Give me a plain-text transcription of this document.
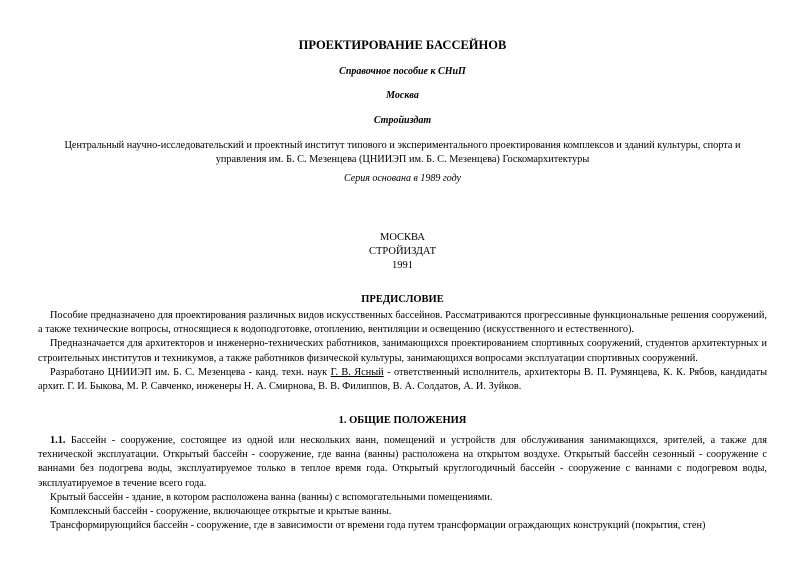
ПРОЕКТИРОВАНИЕ БАССЕЙНОВ
Справочное пособие к СНиП
Москва
Стройиздат
Центральный научно-исследовательский и проектный институт типового и экспериментального проектирования комплексов и зданий культуры, спорта и управления им. Б. С. Мезенцева (ЦНИИЭП им. Б. С. Мезенцева) Госкомархитектуры
Серия основана в 1989 году
МОСКВА
СТРОЙИЗДАТ
1991
ПРЕДИСЛОВИЕ

Пособие предназначено для проектирования различных видов искусственных бассейнов. Рассматриваются прогрессивные функциональные решения сооружений, а также технические вопросы, относящиеся к водоподготовке, отоплению, вентиляции и освещению (искусственного и естественного).

Предназначается для архитекторов и инженерно-технических работников, занимающихся проектированием спортивных сооружений, студентов архитектурных и строительных институтов и техникумов, а также работников физической культуры, занимающихся вопросами эксплуатации спортивных сооружений.

Разработано ЦНИИЭП им. Б. С. Мезенцева - канд. техн. наук Г. В. Ясный - ответственный исполнитель, архитекторы В. П. Румянцева, К. К. Рябов, кандидаты архит. Г. И. Быкова, М. Р. Савченко, инженеры Н. А. Смирнова, В. В. Филиппов, В. А. Солдатов, А. И. Зуйков.

1. ОБЩИЕ ПОЛОЖЕНИЯ

1.1. Бассейн - сооружение, состоящее из одной или нескольких ванн, помещений и устройств для обслуживания занимающихся, зрителей, а также для технической эксплуатации. Открытый бассейн - сооружение, где ванна (ванны) расположена на открытом воздухе. Открытый бассейн сезонный - сооружение с ваннами без подогрева воды, эксплуатируемое только в теплое время года. Открытый круглогодичный бассейн - сооружение с ваннами с подогревом воды, эксплуатируемое в течение всего года.

Крытый бассейн - здание, в котором расположена ванна (ванны) с вспомогательными помещениями.

Комплексный бассейн - сооружение, включающее открытые и крытые ванны.

Трансформирующийся бассейн - сооружение, где в зависимости от времени года путем трансформации ограждающих конструкций (покрытия, стен)
